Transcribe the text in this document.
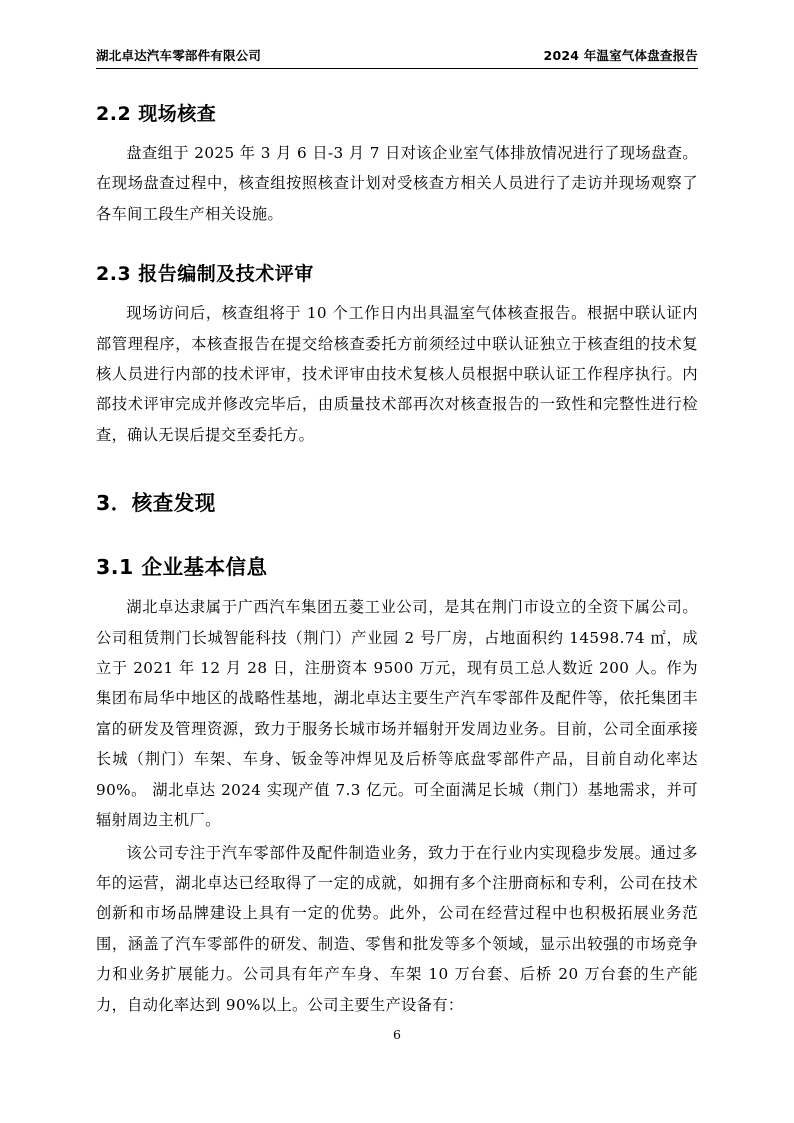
湖北卓达汽车零部件有限公司	2024 年温室气体盘查报告
2.2 现场核查

盘查组于 2025 年 3 月 6 日-3 月 7 日对该企业室气体排放情况进行了现场盘查。在现场盘查过程中，核查组按照核查计划对受核查方相关人员进行了走访并现场观察了各车间工段生产相关设施。

2.3 报告编制及技术评审

现场访问后，核查组将于 10 个工作日内出具温室气体核查报告。根据中联认证内部管理程序，本核查报告在提交给核查委托方前须经过中联认证独立于核查组的技术复核人员进行内部的技术评审，技术评审由技术复核人员根据中联认证工作程序执行。内部技术评审完成并修改完毕后，由质量技术部再次对核查报告的一致性和完整性进行检查，确认无误后提交至委托方。

3．核查发现
3.1 企业基本信息

湖北卓达隶属于广西汽车集团五菱工业公司，是其在荆门市设立的全资下属公司。公司租赁荆门长城智能科技（荆门）产业园 2 号厂房，占地面积约 14598.74 ㎡，成立于 2021 年 12 月 28 日，注册资本 9500 万元，现有员工总人数近 200 人。作为集团布局华中地区的战略性基地，湖北卓达主要生产汽车零部件及配件等，依托集团丰富的研发及管理资源，致力于服务长城市场并辐射开发周边业务。目前，公司全面承接长城（荆门）车架、车身、钣金等冲焊见及后桥等底盘零部件产品，目前自动化率达 90%。 湖北卓达 2024 实现产值 7.3 亿元。可全面满足长城（荆门）基地需求，并可辐射周边主机厂。

该公司专注于汽车零部件及配件制造业务，致力于在行业内实现稳步发展。通过多年的运营，湖北卓达已经取得了一定的成就，如拥有多个注册商标和专利，公司在技术创新和市场品牌建设上具有一定的优势。此外，公司在经营过程中也积极拓展业务范围，涵盖了汽车零部件的研发、制造、零售和批发等多个领域，显示出较强的市场竞争力和业务扩展能力。公司具有年产车身、车架 10 万台套、后桥 20 万台套的生产能力，自动化率达到 90%以上。公司主要生产设备有：

6
